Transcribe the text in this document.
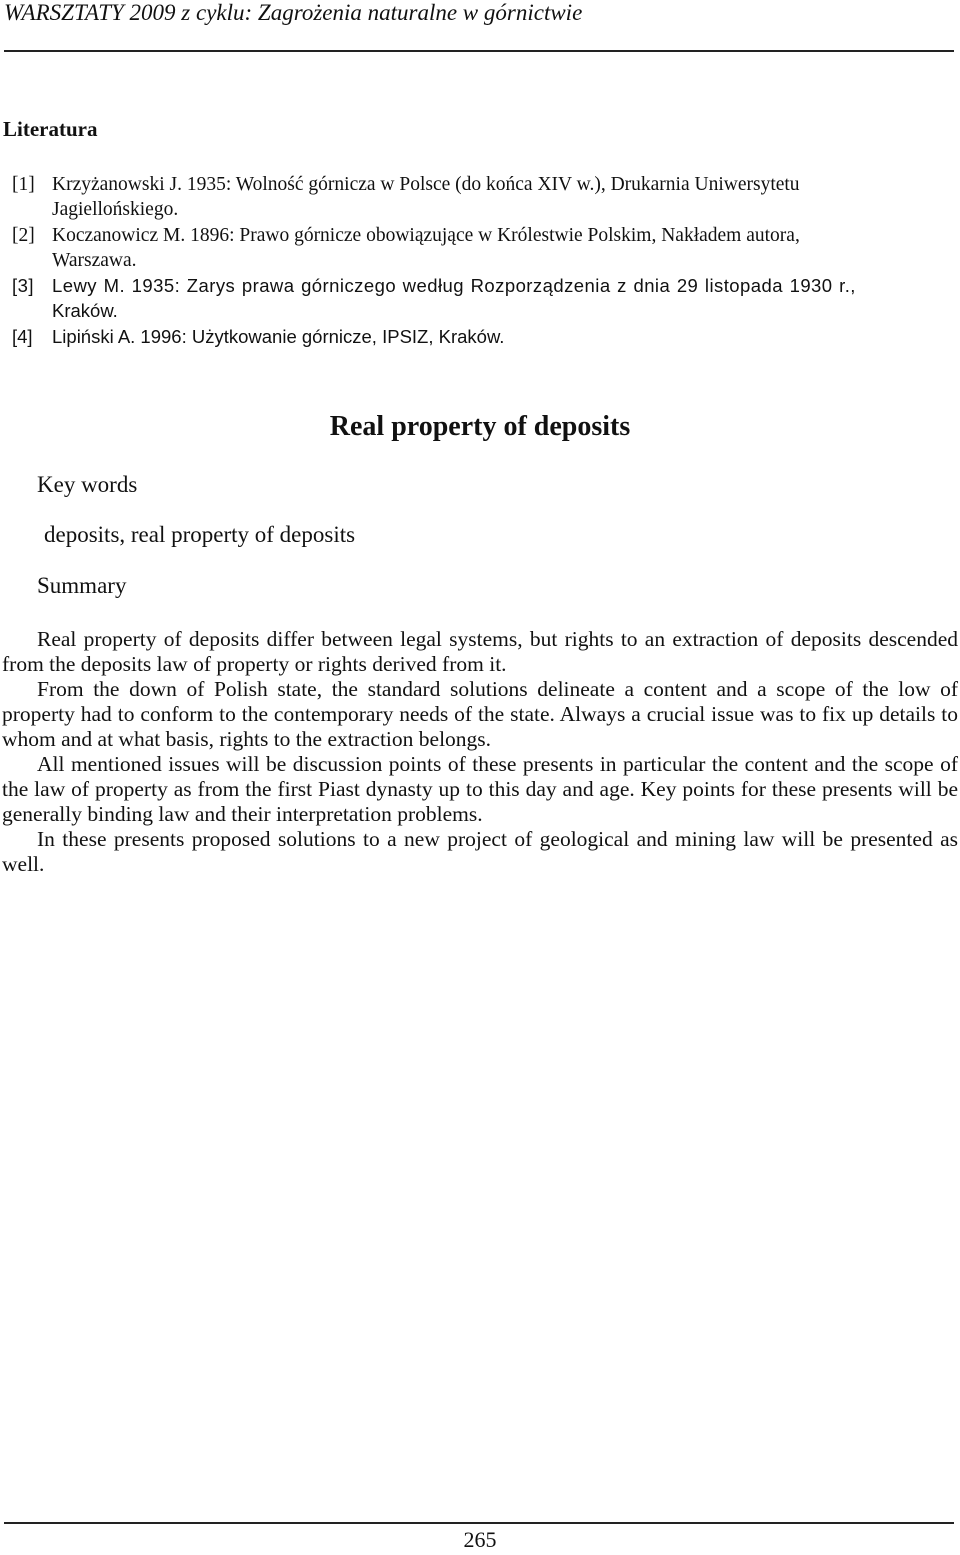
WARSZTATY 2009 z cyklu: Zagrożenia naturalne w górnictwie
Literatura
[1] Krzyżanowski J. 1935: Wolność górnicza w Polsce (do końca XIV w.), Drukarnia Uniwersytetu
Jagiellońskiego.
[2] Koczanowicz M. 1896: Prawo górnicze obowiązujące w Królestwie Polskim, Nakładem autora,
Warszawa.
[3] Lewy M. 1935: Zarys prawa górniczego według Rozporządzenia z dnia 29 listopada 1930 r.,
Kraków.
[4] Lipiński A. 1996: Użytkowanie górnicze, IPSIZ, Kraków.
Real property of deposits
Key words
deposits, real property of deposits
Summary

Real property of deposits differ between legal systems, but rights to an extraction of deposits descended from the deposits law of property or rights derived from it.

From the down of Polish state, the standard solutions delineate a content and a scope of the low of property had to conform to the contemporary needs of the state. Always a crucial issue was to fix up details to whom and at what basis, rights to the extraction belongs.

All mentioned issues will be discussion points of these presents in particular the content and the scope of the law of property as from the first Piast dynasty up to this day and age. Key points for these presents will be generally binding law and their interpretation problems.

In these presents proposed solutions to a new project of geological and mining law will be presented as well.

265
